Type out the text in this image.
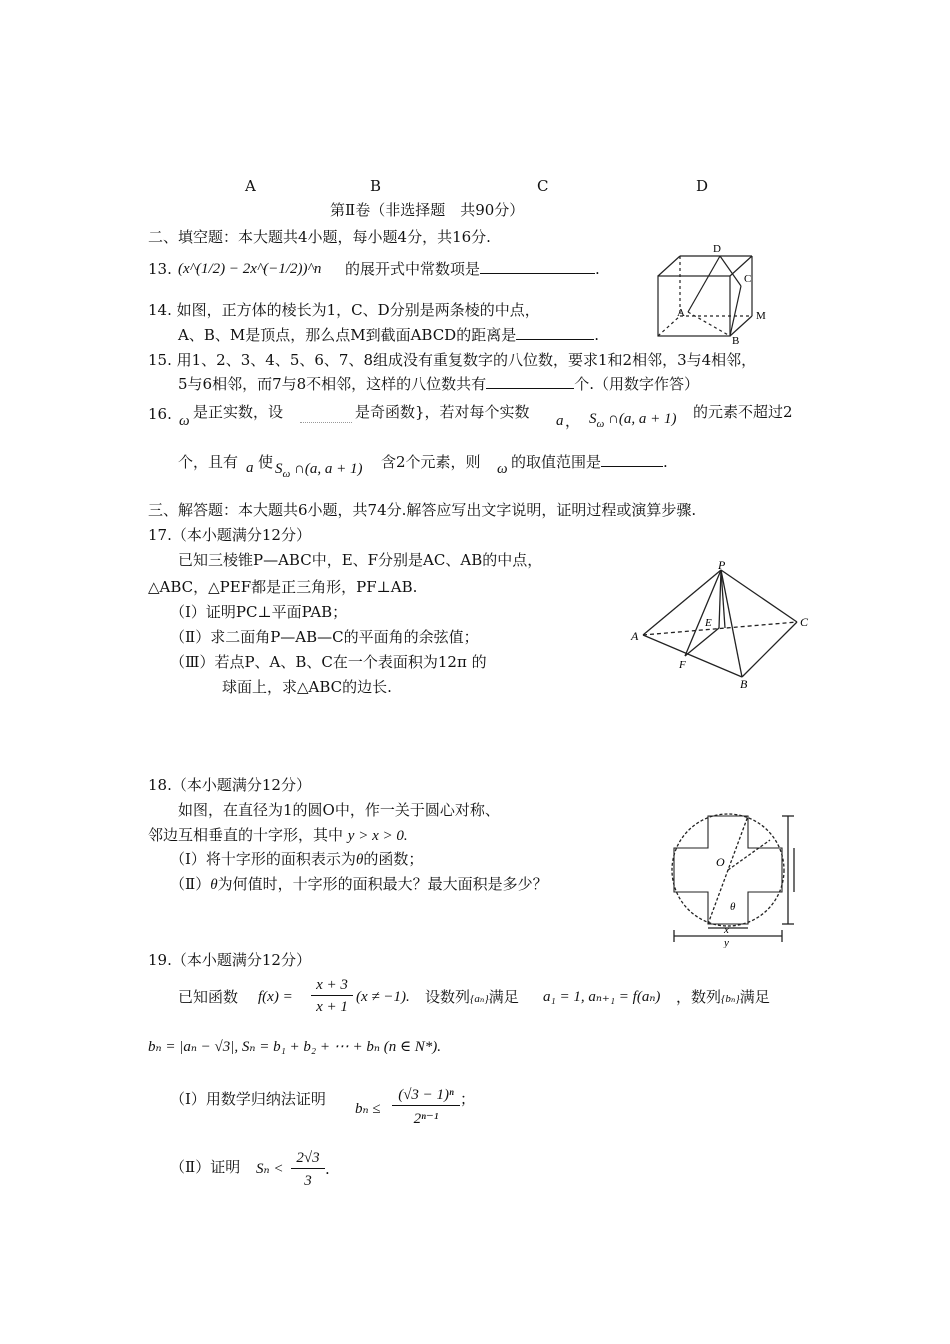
A	B	C	D
第Ⅱ卷（非选择题　共90分）
二、填空题：本大题共4小题，每小题4分，共16分.
13. (x^(1/2) − 2x^(−1/2))^n 的展开式中常数项是	.
14. 如图，正方体的棱长为1，C、D分别是两条棱的中点，
A、B、M是顶点，那么点M到截面ABCD的距离是	.
D
C
A	M
B
15. 用1、2、3、4、5、6、7、8组成没有重复数字的八位数，要求1和2相邻，3与4相邻，
5与6相邻，而7与8不相邻，这样的八位数共有	个.（用数字作答）
16. ω 是正实数，设	是奇函数}，若对每个实数 a ， $S_\omega$ ∩(a, a + 1) 的元素不超过2
个，且有 a 使 $S_\omega$ ∩(a, a + 1) 含2个元素，则 ω 的取值范围是	.
三、解答题：本大题共6小题，共74分.解答应写出文字说明，证明过程或演算步骤.
17.（本小题满分12分）
已知三棱锥P—ABC中，E、F分别是AC、AB的中点，
△ABC，△PEF都是正三角形，PF⊥AB.
（Ⅰ）证明PC⊥平面PAB；
（Ⅱ）求二面角P—AB—C的平面角的余弦值；
（Ⅲ）若点P、A、B、C在一个表面积为12π 的
球面上，求△ABC的边长.
P
A
C
E
F
B
18.（本小题满分12分）
如图，在直径为1的圆O中，作一关于圆心对称、
邻边互相垂直的十字形，其中 y > x > 0.
（Ⅰ）将十字形的面积表示为θ的函数；
（Ⅱ）θ为何值时，十字形的面积最大？最大面积是多少？
O
x
y
θ
19.（本小题满分12分）
已知函数 f(x) =
x + 3
x + 1
(x ≠ −1). 设数列{aₙ}满足 a₁ = 1, aₙ₊₁ = f(aₙ) ，数列{bₙ}满足
bₙ = |aₙ − √3|, Sₙ = b₁ + b₂ + ⋯ + bₙ (n ∈ N*).
（Ⅰ）用数学归纳法证明
bₙ ≤
(√3 − 1)ⁿ
2ⁿ⁻¹
；
（Ⅱ）证明 Sₙ <
2√3
3
.
